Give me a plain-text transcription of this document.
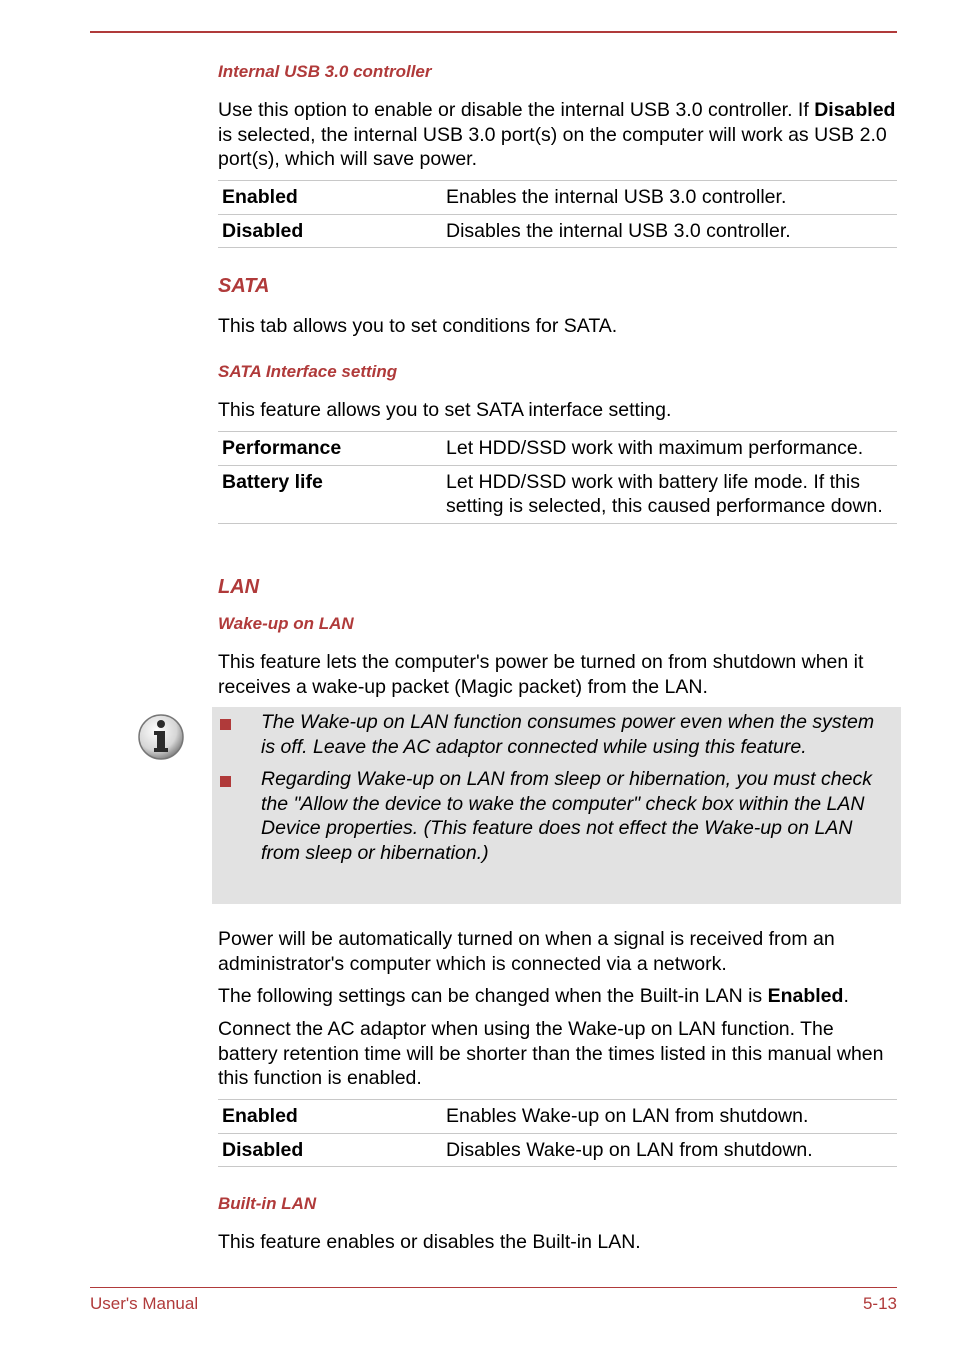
Internal USB 3.0 controller
Use this option to enable or disable the internal USB 3.0 controller. If Disabled is selected, the internal USB 3.0 port(s) on the computer will work as USB 2.0 port(s), which will save power.
Enabled	Enables the internal USB 3.0 controller.
Disabled	Disables the internal USB 3.0 controller.
SATA
This tab allows you to set conditions for SATA.
SATA Interface setting
This feature allows you to set SATA interface setting.
Performance	Let HDD/SSD work with maximum performance.
Battery life	Let HDD/SSD work with battery life mode. If this setting is selected, this caused performance down.
LAN
Wake-up on LAN
This feature lets the computer's power be turned on from shutdown when it receives a wake-up packet (Magic packet) from the LAN.
The Wake-up on LAN function consumes power even when the system is off. Leave the AC adaptor connected while using this feature.
Regarding Wake-up on LAN from sleep or hibernation, you must check the "Allow the device to wake the computer" check box within the LAN Device properties. (This feature does not effect the Wake-up on LAN from sleep or hibernation.)
Power will be automatically turned on when a signal is received from an administrator's computer which is connected via a network.
The following settings can be changed when the Built-in LAN is Enabled.
Connect the AC adaptor when using the Wake-up on LAN function. The battery retention time will be shorter than the times listed in this manual when this function is enabled.
Enabled	Enables Wake-up on LAN from shutdown.
Disabled	Disables Wake-up on LAN from shutdown.
Built-in LAN
This feature enables or disables the Built-in LAN.
User's Manual	5-13
